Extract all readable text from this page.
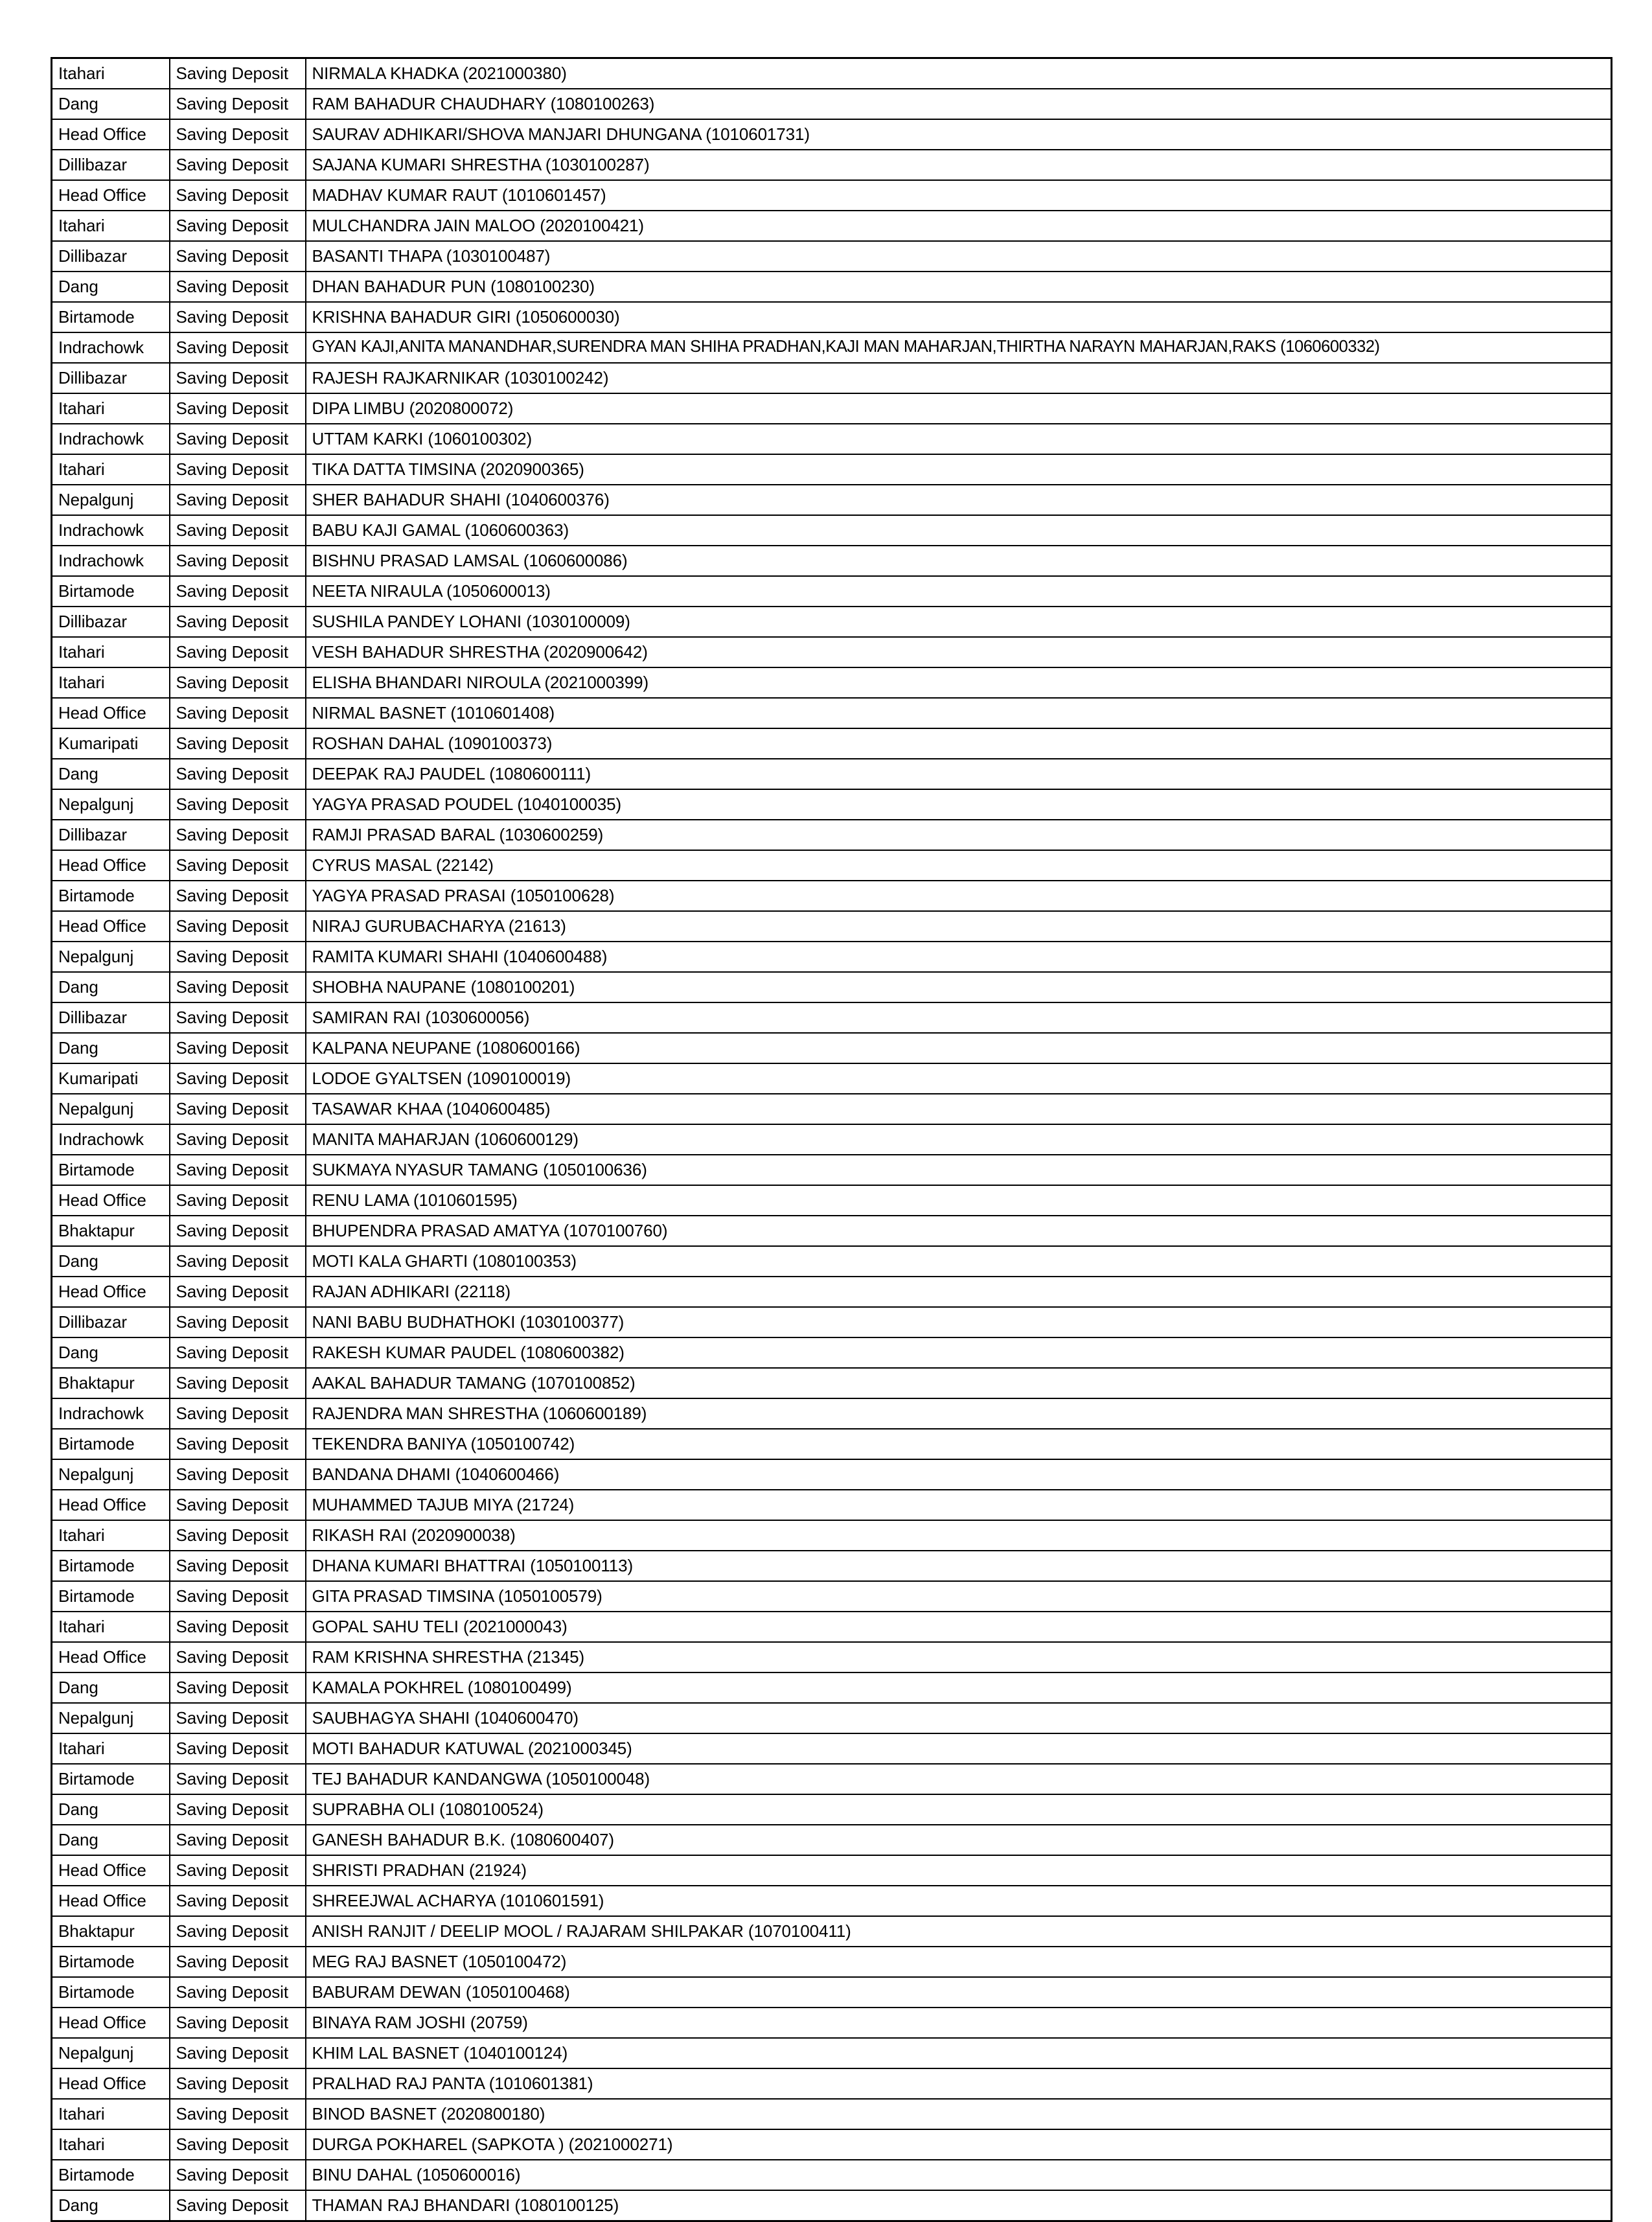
Itahari	Saving Deposit	NIRMALA KHADKA (2021000380)
Dang	Saving Deposit	RAM BAHADUR CHAUDHARY (1080100263)
Head Office	Saving Deposit	SAURAV ADHIKARI/SHOVA MANJARI DHUNGANA (1010601731)
Dillibazar	Saving Deposit	SAJANA KUMARI SHRESTHA (1030100287)
Head Office	Saving Deposit	MADHAV KUMAR RAUT (1010601457)
Itahari	Saving Deposit	MULCHANDRA JAIN MALOO (2020100421)
Dillibazar	Saving Deposit	BASANTI THAPA (1030100487)
Dang	Saving Deposit	DHAN BAHADUR PUN (1080100230)
Birtamode	Saving Deposit	KRISHNA BAHADUR GIRI (1050600030)
Indrachowk	Saving Deposit	GYAN KAJI,ANITA MANANDHAR,SURENDRA MAN SHIHA PRADHAN,KAJI MAN MAHARJAN,THIRTHA NARAYN MAHARJAN,RAKS (1060600332)
Dillibazar	Saving Deposit	RAJESH RAJKARNIKAR (1030100242)
Itahari	Saving Deposit	DIPA LIMBU (2020800072)
Indrachowk	Saving Deposit	UTTAM KARKI (1060100302)
Itahari	Saving Deposit	TIKA DATTA TIMSINA (2020900365)
Nepalgunj	Saving Deposit	SHER BAHADUR SHAHI (1040600376)
Indrachowk	Saving Deposit	BABU KAJI GAMAL (1060600363)
Indrachowk	Saving Deposit	BISHNU PRASAD LAMSAL (1060600086)
Birtamode	Saving Deposit	NEETA NIRAULA (1050600013)
Dillibazar	Saving Deposit	SUSHILA PANDEY LOHANI (1030100009)
Itahari	Saving Deposit	VESH BAHADUR SHRESTHA (2020900642)
Itahari	Saving Deposit	ELISHA BHANDARI NIROULA (2021000399)
Head Office	Saving Deposit	NIRMAL BASNET (1010601408)
Kumaripati	Saving Deposit	ROSHAN DAHAL (1090100373)
Dang	Saving Deposit	DEEPAK RAJ PAUDEL (1080600111)
Nepalgunj	Saving Deposit	YAGYA PRASAD POUDEL (1040100035)
Dillibazar	Saving Deposit	RAMJI PRASAD BARAL (1030600259)
Head Office	Saving Deposit	CYRUS MASAL (22142)
Birtamode	Saving Deposit	YAGYA PRASAD PRASAI (1050100628)
Head Office	Saving Deposit	NIRAJ GURUBACHARYA (21613)
Nepalgunj	Saving Deposit	RAMITA KUMARI SHAHI (1040600488)
Dang	Saving Deposit	SHOBHA NAUPANE (1080100201)
Dillibazar	Saving Deposit	SAMIRAN RAI (1030600056)
Dang	Saving Deposit	KALPANA NEUPANE (1080600166)
Kumaripati	Saving Deposit	LODOE GYALTSEN (1090100019)
Nepalgunj	Saving Deposit	TASAWAR KHAA (1040600485)
Indrachowk	Saving Deposit	MANITA MAHARJAN (1060600129)
Birtamode	Saving Deposit	SUKMAYA NYASUR TAMANG (1050100636)
Head Office	Saving Deposit	RENU LAMA (1010601595)
Bhaktapur	Saving Deposit	BHUPENDRA PRASAD AMATYA (1070100760)
Dang	Saving Deposit	MOTI KALA GHARTI (1080100353)
Head Office	Saving Deposit	RAJAN ADHIKARI (22118)
Dillibazar	Saving Deposit	NANI BABU BUDHATHOKI (1030100377)
Dang	Saving Deposit	RAKESH KUMAR PAUDEL (1080600382)
Bhaktapur	Saving Deposit	AAKAL BAHADUR TAMANG (1070100852)
Indrachowk	Saving Deposit	RAJENDRA MAN SHRESTHA (1060600189)
Birtamode	Saving Deposit	TEKENDRA BANIYA (1050100742)
Nepalgunj	Saving Deposit	BANDANA DHAMI (1040600466)
Head Office	Saving Deposit	MUHAMMED TAJUB MIYA (21724)
Itahari	Saving Deposit	RIKASH RAI (2020900038)
Birtamode	Saving Deposit	DHANA KUMARI BHATTRAI (1050100113)
Birtamode	Saving Deposit	GITA PRASAD TIMSINA (1050100579)
Itahari	Saving Deposit	GOPAL SAHU TELI (2021000043)
Head Office	Saving Deposit	RAM KRISHNA SHRESTHA (21345)
Dang	Saving Deposit	KAMALA POKHREL (1080100499)
Nepalgunj	Saving Deposit	SAUBHAGYA SHAHI (1040600470)
Itahari	Saving Deposit	MOTI BAHADUR KATUWAL (2021000345)
Birtamode	Saving Deposit	TEJ BAHADUR KANDANGWA (1050100048)
Dang	Saving Deposit	SUPRABHA OLI (1080100524)
Dang	Saving Deposit	GANESH BAHADUR B.K. (1080600407)
Head Office	Saving Deposit	SHRISTI PRADHAN (21924)
Head Office	Saving Deposit	SHREEJWAL ACHARYA (1010601591)
Bhaktapur	Saving Deposit	ANISH RANJIT / DEELIP MOOL / RAJARAM SHILPAKAR (1070100411)
Birtamode	Saving Deposit	MEG RAJ BASNET (1050100472)
Birtamode	Saving Deposit	BABURAM DEWAN (1050100468)
Head Office	Saving Deposit	BINAYA RAM JOSHI (20759)
Nepalgunj	Saving Deposit	KHIM LAL BASNET (1040100124)
Head Office	Saving Deposit	PRALHAD RAJ PANTA (1010601381)
Itahari	Saving Deposit	BINOD BASNET (2020800180)
Itahari	Saving Deposit	DURGA POKHAREL (SAPKOTA ) (2021000271)
Birtamode	Saving Deposit	BINU DAHAL (1050600016)
Dang	Saving Deposit	THAMAN RAJ BHANDARI (1080100125)
